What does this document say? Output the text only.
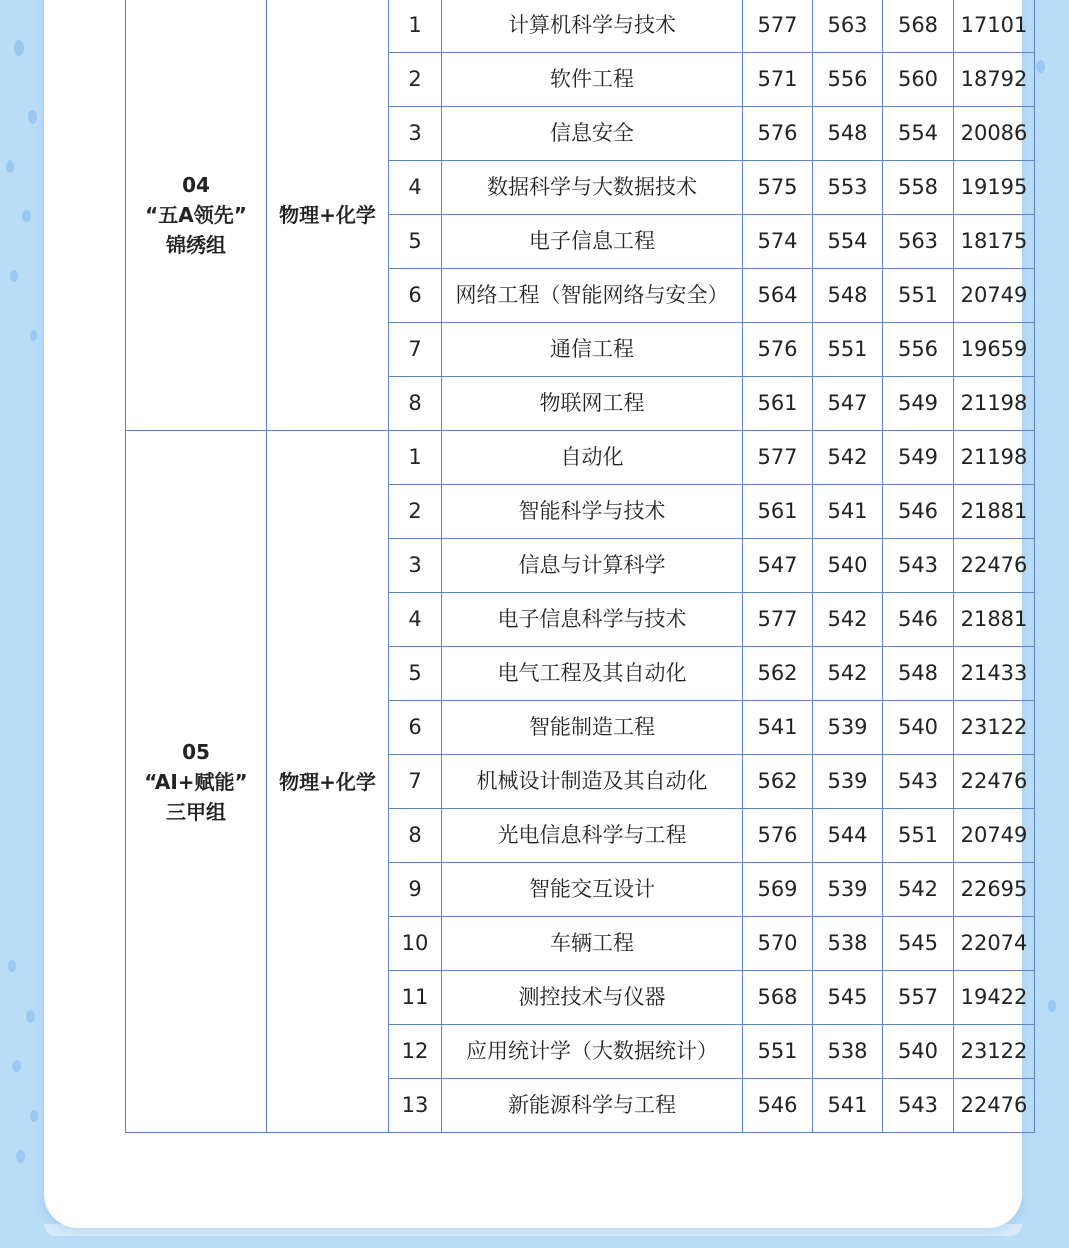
04
“五A领先”
锦绣组	物理+化学	1	计算机科学与技术	577	563	568	17101
		2	软件工程	571	556	560	18792
		3	信息安全	576	548	554	20086
		4	数据科学与大数据技术	575	553	558	19195
		5	电子信息工程	574	554	563	18175
		6	网络工程（智能网络与安全）	564	548	551	20749
		7	通信工程	576	551	556	19659
		8	物联网工程	561	547	549	21198

05
“AI+赋能”
三甲组	物理+化学	1	自动化	577	542	549	21198
		2	智能科学与技术	561	541	546	21881
		3	信息与计算科学	547	540	543	22476
		4	电子信息科学与技术	577	542	546	21881
		5	电气工程及其自动化	562	542	548	21433
		6	智能制造工程	541	539	540	23122
		7	机械设计制造及其自动化	562	539	543	22476
		8	光电信息科学与工程	576	544	551	20749
		9	智能交互设计	569	539	542	22695
		10	车辆工程	570	538	545	22074
		11	测控技术与仪器	568	545	557	19422
		12	应用统计学（大数据统计）	551	538	540	23122
		13	新能源科学与工程	546	541	543	22476
